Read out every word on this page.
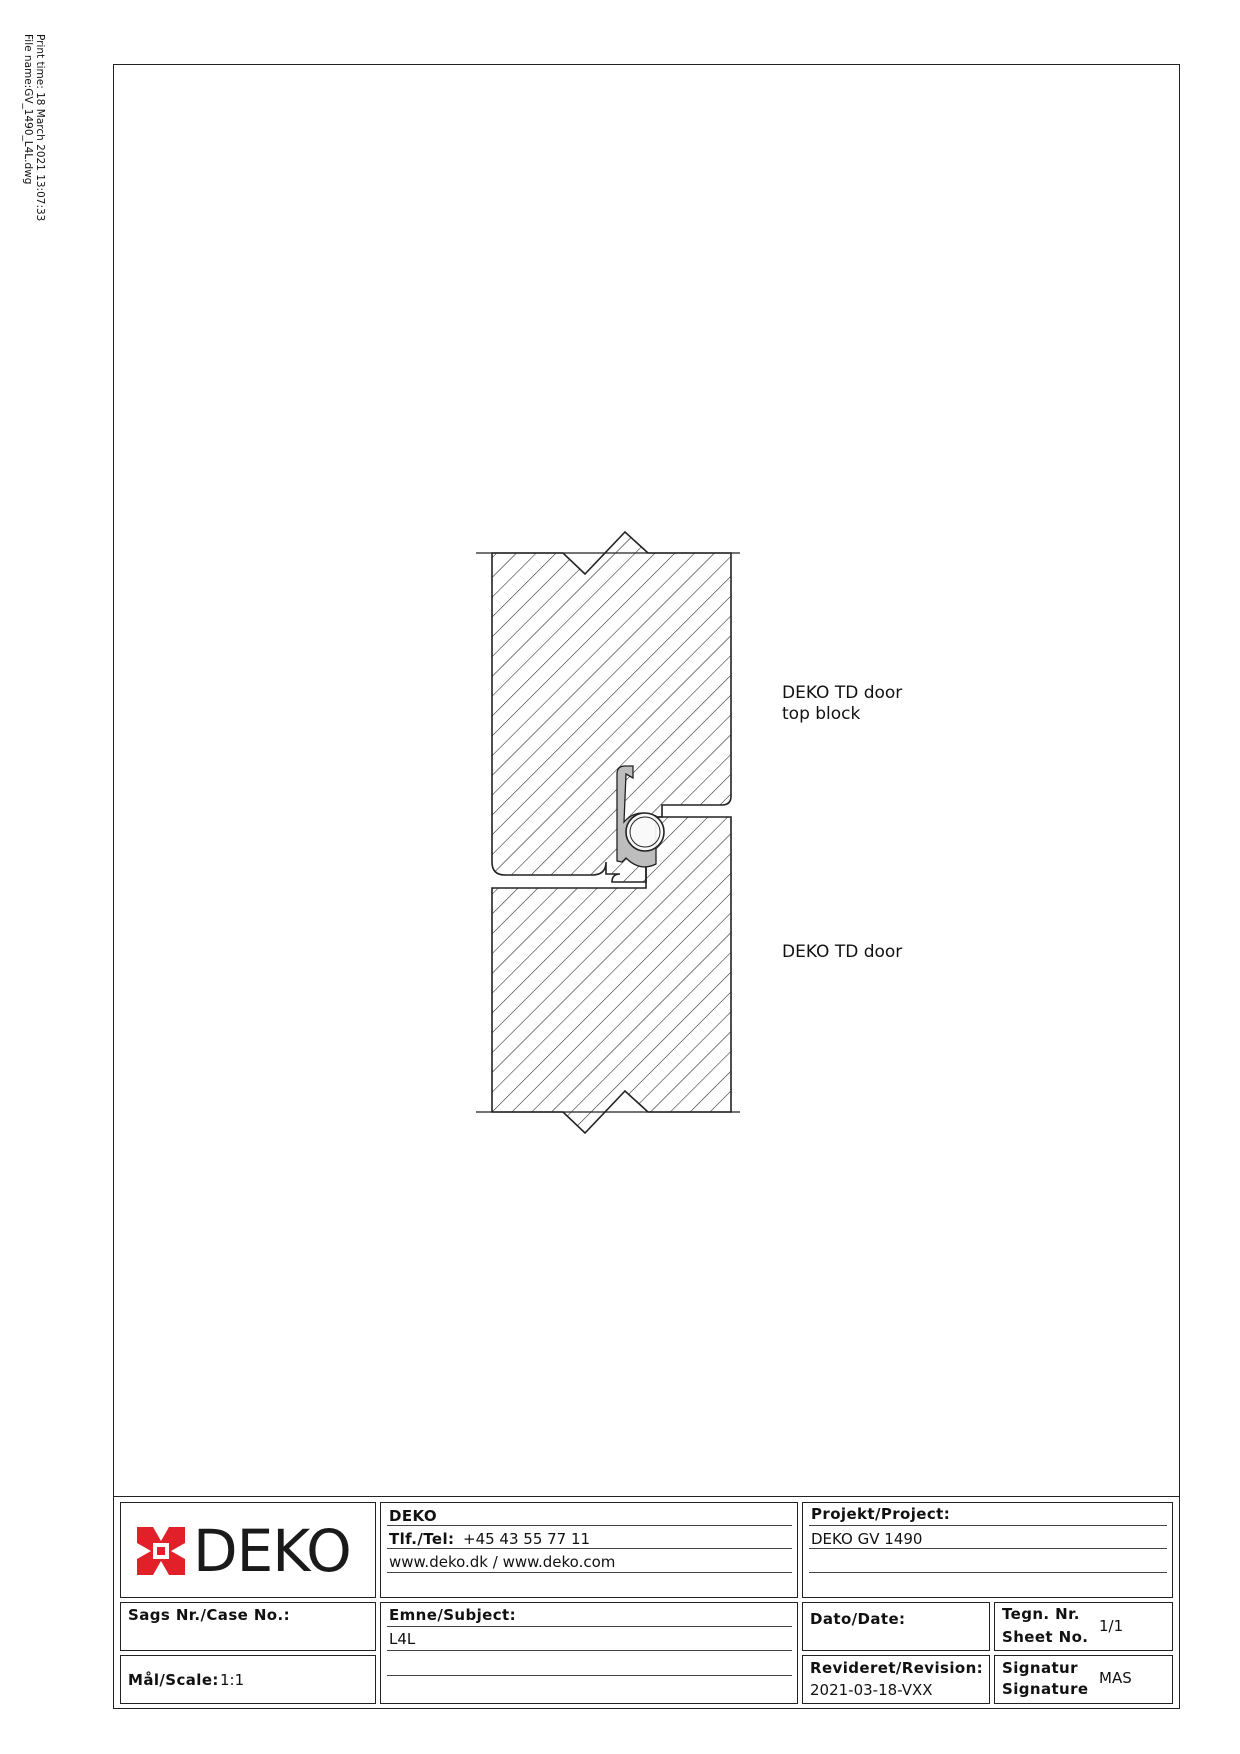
Print time: 18 March 2021 13:07:33
File name:GV_1490_L4L.dwg
DEKO TD door
top block
DEKO TD door
DEKO
DEKO
Tlf./Tel: +45 43 55 77 11
www.deko.dk / www.deko.com
Projekt/Project:
DEKO GV 1490
Sags Nr./Case No.:
Mål/Scale: 1:1
Emne/Subject:
L4L
Dato/Date:
Revideret/Revision:
2021-03-18-VXX
Tegn. Nr.
Sheet No.
1/1
Signatur
Signature
MAS
